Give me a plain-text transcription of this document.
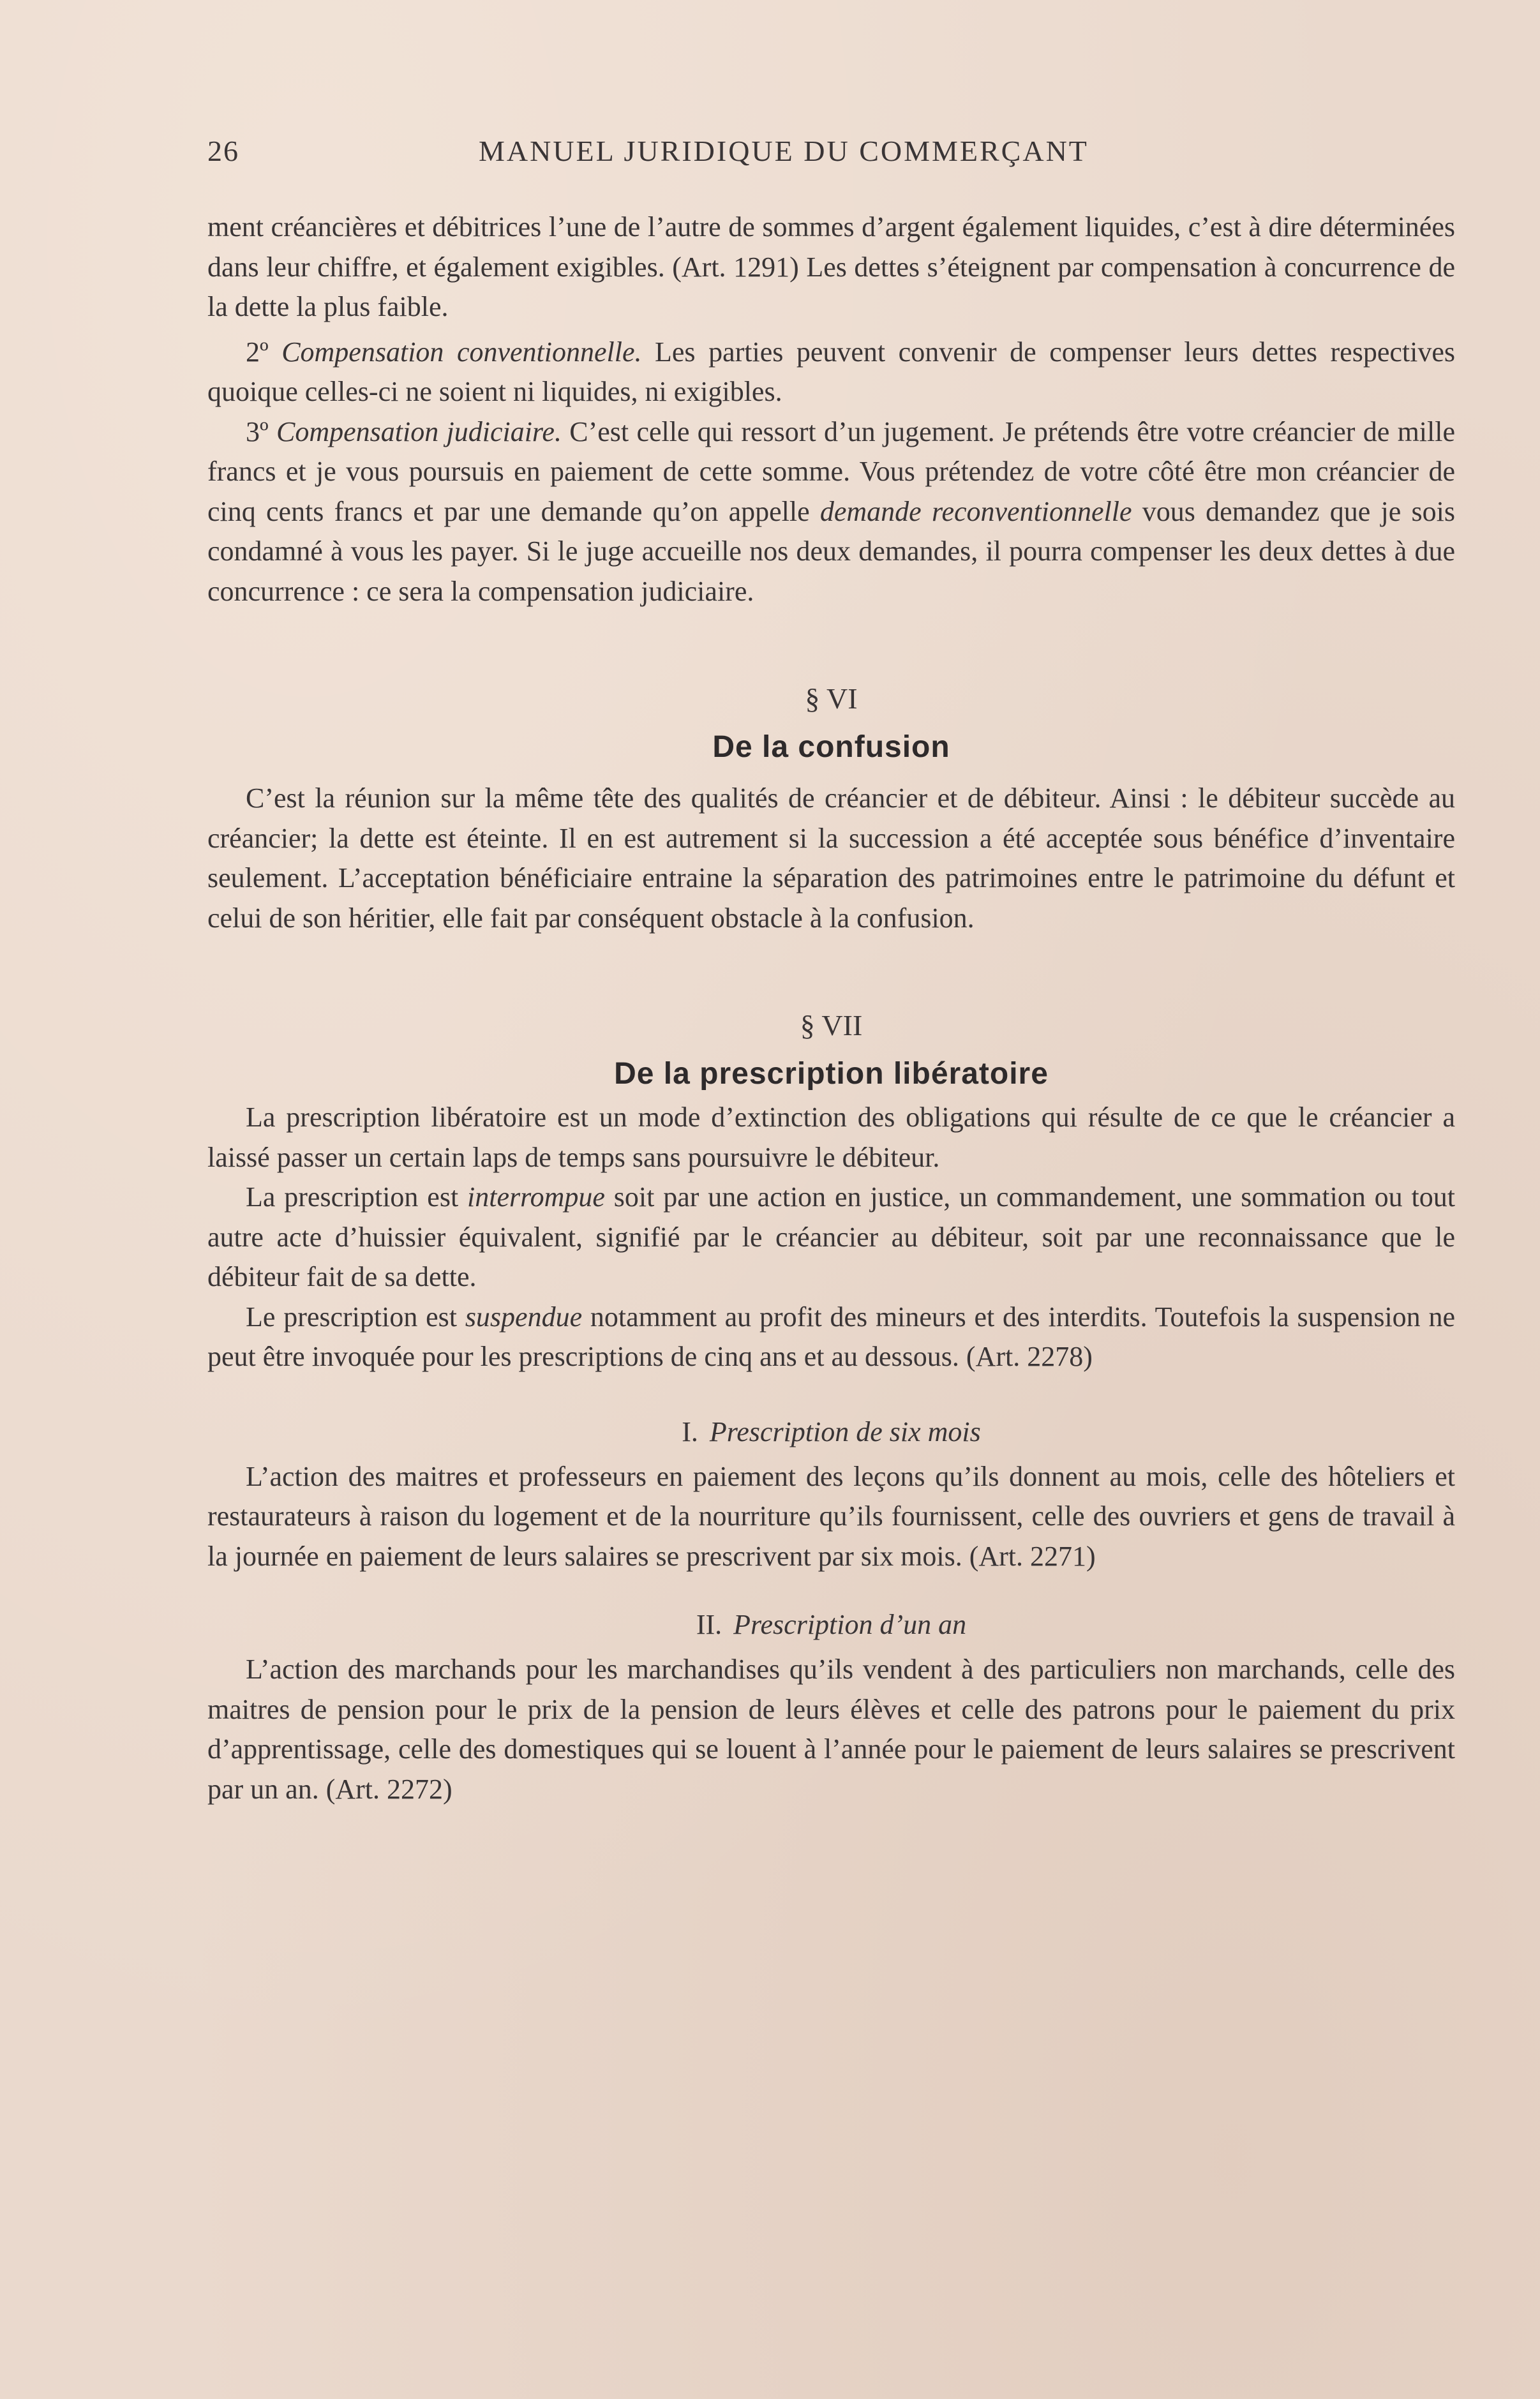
26	MANUEL JURIDIQUE DU COMMERÇANT

ment créancières et débitrices l’une de l’autre de sommes d’argent également liquides, c’est à dire déterminées dans leur chiffre, et également exigibles. (Art. 1291) Les dettes s’éteignent par compensation à concurrence de la dette la plus faible.

2º Compensation conventionnelle. Les parties peuvent convenir de compenser leurs dettes respectives quoique celles-ci ne soient ni liquides, ni exigibles.

3º Compensation judiciaire. C’est celle qui ressort d’un jugement. Je prétends être votre créancier de mille francs et je vous poursuis en paiement de cette somme. Vous prétendez de votre côté être mon créancier de cinq cents francs et par une demande qu’on appelle demande reconventionnelle vous demandez que je sois condamné à vous les payer. Si le juge accueille nos deux demandes, il pourra compenser les deux dettes à due concurrence : ce sera la compensation judiciaire.

§ VI

De la confusion

C’est la réunion sur la même tête des qualités de créancier et de débiteur. Ainsi : le débiteur succède au créancier; la dette est éteinte. Il en est autrement si la succession a été acceptée sous bénéfice d’inventaire seulement. L’acceptation bénéficiaire entraine la séparation des patrimoines entre le patrimoine du défunt et celui de son héritier, elle fait par conséquent obstacle à la confusion.

§ VII

De la prescription libératoire

La prescription libératoire est un mode d’extinction des obligations qui résulte de ce que le créancier a laissé passer un certain laps de temps sans poursuivre le débiteur.

La prescription est interrompue soit par une action en justice, un commandement, une sommation ou tout autre acte d’huissier équivalent, signifié par le créancier au débiteur, soit par une reconnaissance que le débiteur fait de sa dette.

Le prescription est suspendue notamment au profit des mineurs et des interdits. Toutefois la suspension ne peut être invoquée pour les prescriptions de cinq ans et au dessous. (Art. 2278)

I. Prescription de six mois

L’action des maitres et professeurs en paiement des leçons qu’ils donnent au mois, celle des hôteliers et restaurateurs à raison du logement et de la nourriture qu’ils fournissent, celle des ouvriers et gens de travail à la journée en paiement de leurs salaires se prescrivent par six mois. (Art. 2271)

II. Prescription d’un an

L’action des marchands pour les marchandises qu’ils vendent à des particuliers non marchands, celle des maitres de pension pour le prix de la pension de leurs élèves et celle des patrons pour le paiement du prix d’apprentissage, celle des domestiques qui se louent à l’année pour le paiement de leurs salaires se prescrivent par un an. (Art. 2272)
